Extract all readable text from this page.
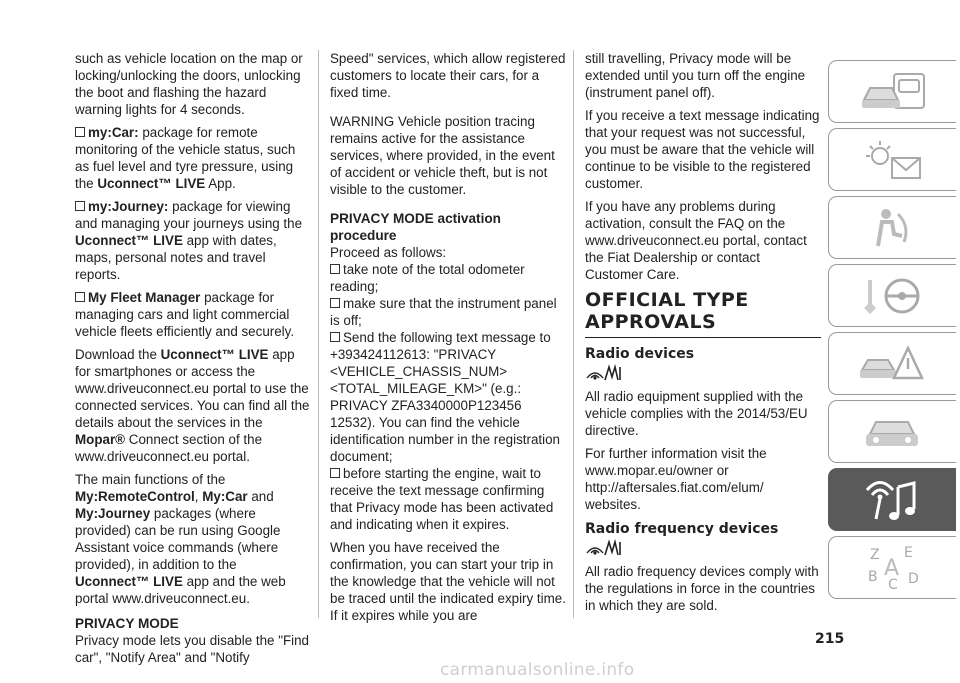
such as vehicle location on the map or locking/unlocking the doors, unlocking the boot and flashing the hazard warning lights for 4 seconds.

my:Car: package for remote monitoring of the vehicle status, such as fuel level and tyre pressure, using the Uconnect™ LIVE App.

my:Journey: package for viewing and managing your journeys using the Uconnect™ LIVE app with dates, maps, personal notes and travel reports.

My Fleet Manager package for managing cars and light commercial vehicle fleets efficiently and securely.

Download the Uconnect™ LIVE app for smartphones or access the www.driveuconnect.eu portal to use the connected services. You can find all the details about the services in the Mopar® Connect section of the www.driveuconnect.eu portal.

The main functions of the My:RemoteControl, My:Car and My:Journey packages (where provided) can be run using Google Assistant voice commands (where provided), in addition to the Uconnect™ LIVE app and the web portal www.driveuconnect.eu.

PRIVACY MODE

Privacy mode lets you disable the "Find car", "Notify Area" and "Notify

Speed" services, which allow registered customers to locate their cars, for a fixed time.

WARNING Vehicle position tracing remains active for the assistance services, where provided, in the event of accident or vehicle theft, but is not visible to the customer.

PRIVACY MODE activation procedure

Proceed as follows:

take note of the total odometer reading;

make sure that the instrument panel is off;

Send the following text message to +393424112613: "PRIVACY <VEHICLE_CHASSIS_NUM> <TOTAL_MILEAGE_KM>" (e.g.: PRIVACY ZFA3340000P123456 12532). You can find the vehicle identification number in the registration document;

before starting the engine, wait to receive the text message confirming that Privacy mode has been activated and indicating when it expires.

When you have received the confirmation, you can start your trip in the knowledge that the vehicle will not be traced until the indicated expiry time. If it expires while you are

still travelling, Privacy mode will be extended until you turn off the engine (instrument panel off).

If you receive a text message indicating that your request was not successful, you must be aware that the vehicle will continue to be visible to the registered customer.

If you have any problems during activation, consult the FAQ on the www.driveuconnect.eu portal, contact the Fiat Dealership or contact Customer Care.

OFFICIAL TYPE APPROVALS
Radio devices

All radio equipment supplied with the vehicle complies with the 2014/53/EU directive.

For further information visit the www.mopar.eu/owner or http://aftersales.fiat.com/elum/ websites.

Radio frequency devices

All radio frequency devices comply with the regulations in force in the countries in which they are sold.

Z E
B D
C
A
215
carmanualsonline.info
